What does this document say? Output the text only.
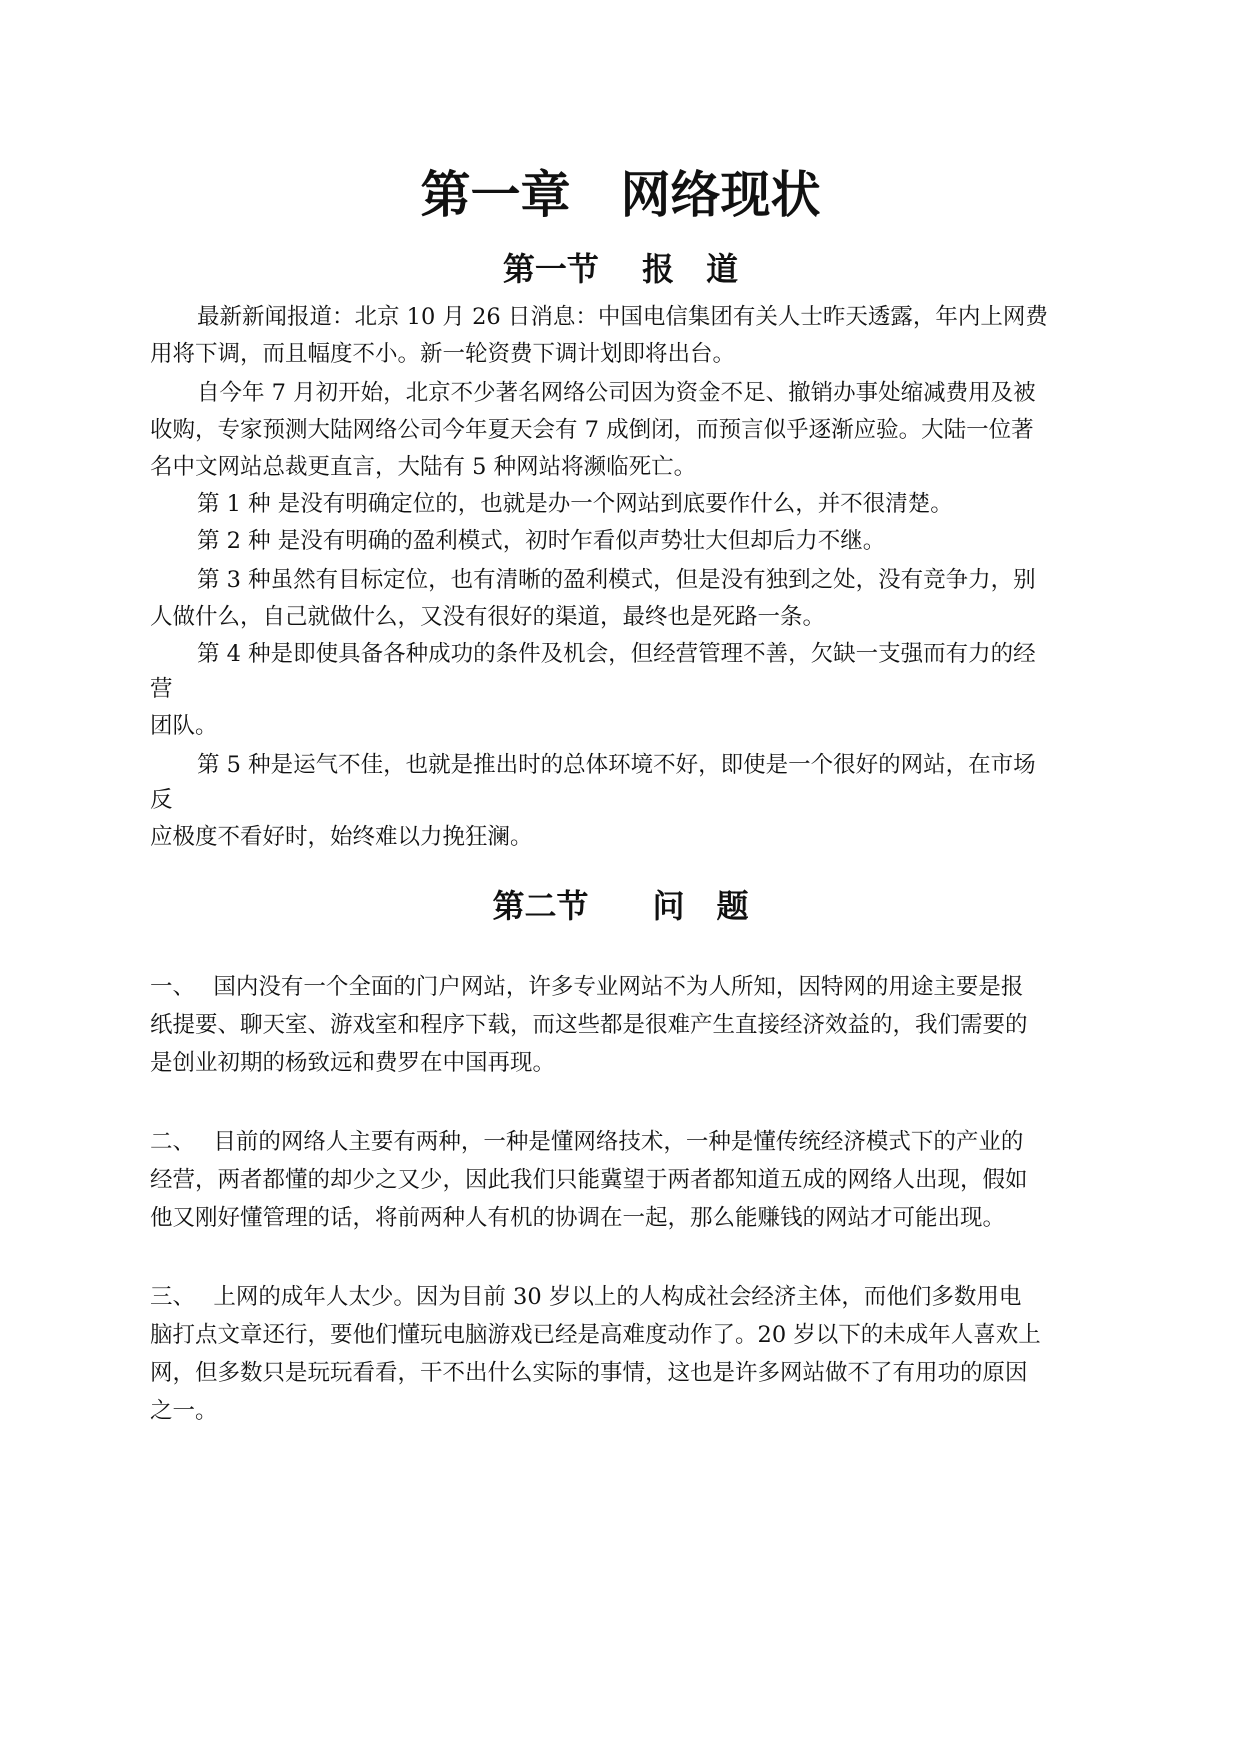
第一章　网络现状
第一节　 报　道
最新新闻报道：北京 10 月 26 日消息：中国电信集团有关人士昨天透露，年内上网费
用将下调，而且幅度不小。新一轮资费下调计划即将出台。
自今年 7 月初开始，北京不少著名网络公司因为资金不足、撤销办事处缩减费用及被
收购，专家预测大陆网络公司今年夏天会有 7 成倒闭，而预言似乎逐渐应验。大陆一位著
名中文网站总裁更直言，大陆有 5 种网站将濒临死亡。
第 1 种 是没有明确定位的，也就是办一个网站到底要作什么，并不很清楚。
第 2 种 是没有明确的盈利模式，初时乍看似声势壮大但却后力不继。
第 3 种虽然有目标定位，也有清晰的盈利模式，但是没有独到之处，没有竞争力，别
人做什么，自己就做什么，又没有很好的渠道，最终也是死路一条。
第 4 种是即使具备各种成功的条件及机会，但经营管理不善，欠缺一支强而有力的经
营
团队。
第 5 种是运气不佳，也就是推出时的总体环境不好，即使是一个很好的网站，在市场
反
应极度不看好时，始终难以力挽狂澜。
第二节　　问　题
一、　 国内没有一个全面的门户网站，许多专业网站不为人所知，因特网的用途主要是报
纸提要、聊天室、游戏室和程序下载，而这些都是很难产生直接经济效益的，我们需要的
是创业初期的杨致远和费罗在中国再现。
二、　 目前的网络人主要有两种，一种是懂网络技术，一种是懂传统经济模式下的产业的
经营，两者都懂的却少之又少，因此我们只能冀望于两者都知道五成的网络人出现，假如
他又刚好懂管理的话，将前两种人有机的协调在一起，那么能赚钱的网站才可能出现。
三、　 上网的成年人太少。因为目前 30 岁以上的人构成社会经济主体，而他们多数用电
脑打点文章还行，要他们懂玩电脑游戏已经是高难度动作了。20 岁以下的未成年人喜欢上
网，但多数只是玩玩看看，干不出什么实际的事情，这也是许多网站做不了有用功的原因
之一。
